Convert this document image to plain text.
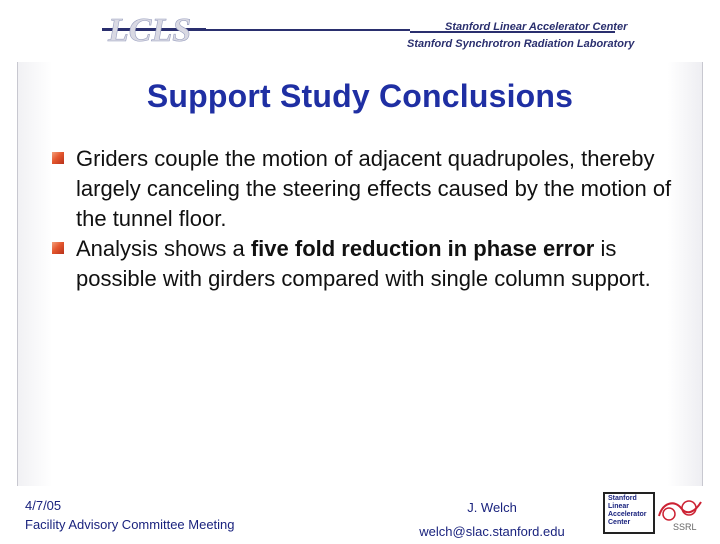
LCLS	Stanford Linear Accelerator Center
Stanford Synchrotron Radiation Laboratory
Support Study Conclusions
Griders couple the motion of adjacent quadrupoles, thereby largely canceling the steering effects caused by the motion of the tunnel floor.
Analysis shows a five fold reduction in phase error is possible with girders compared with single column support.
4/7/05
Facility Advisory Committee Meeting
J. Welch
welch@slac.stanford.edu
Stanford Linear Accelerator Center	SSRL
